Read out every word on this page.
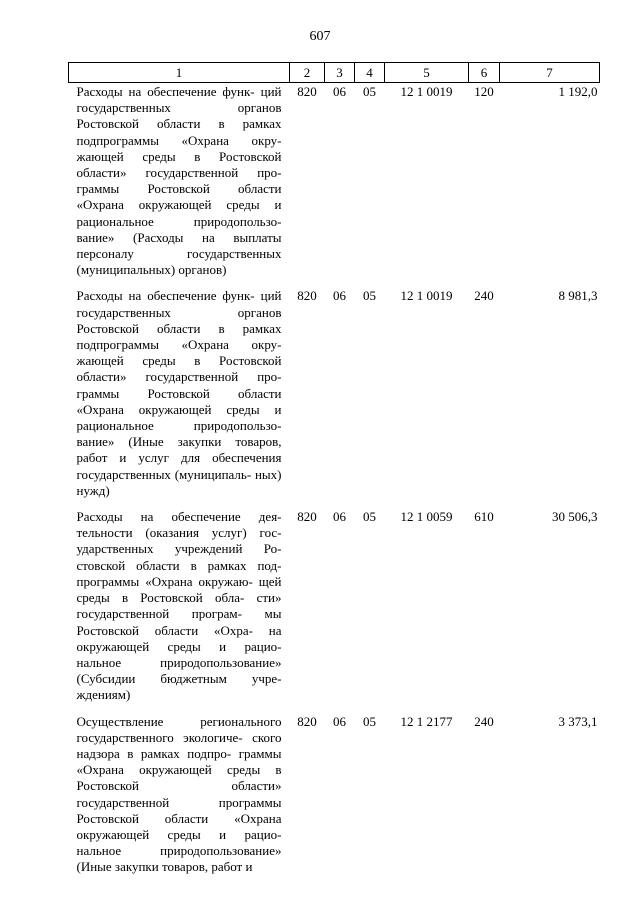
607
1	2	3	4	5	6	7
Расходы на обеспечение функ- ций государственных органов Ростовской области в рамках подпрограммы «Охрана окру- жающей среды в Ростовской области» государственной про- граммы Ростовской области «Охрана окружающей среды и рациональное природопользо- вание» (Расходы на выплаты персоналу государственных (муниципальных) органов)	820	06	05	12 1 0019	120	1 192,0
Расходы на обеспечение функ- ций государственных органов Ростовской области в рамках подпрограммы «Охрана окру- жающей среды в Ростовской области» государственной про- граммы Ростовской области «Охрана окружающей среды и рациональное природопользо- вание» (Иные закупки товаров, работ и услуг для обеспечения государственных (муниципаль- ных) нужд)	820	06	05	12 1 0019	240	8 981,3
Расходы на обеспечение дея- тельности (оказания услуг) гос- ударственных учреждений Ро- стовской области в рамках под- программы «Охрана окружаю- щей среды в Ростовской обла- сти» государственной програм- мы Ростовской области «Охра- на окружающей среды и рацио- нальное природопользование» (Субсидии бюджетным учре- ждениям)	820	06	05	12 1 0059	610	30 506,3
Осуществление регионального государственного экологиче- ского надзора в рамках подпро- граммы «Охрана окружающей среды в Ростовской области» государственной программы Ростовской области «Охрана окружающей среды и рацио- нальное природопользование» (Иные закупки товаров, работ и	820	06	05	12 1 2177	240	3 373,1
